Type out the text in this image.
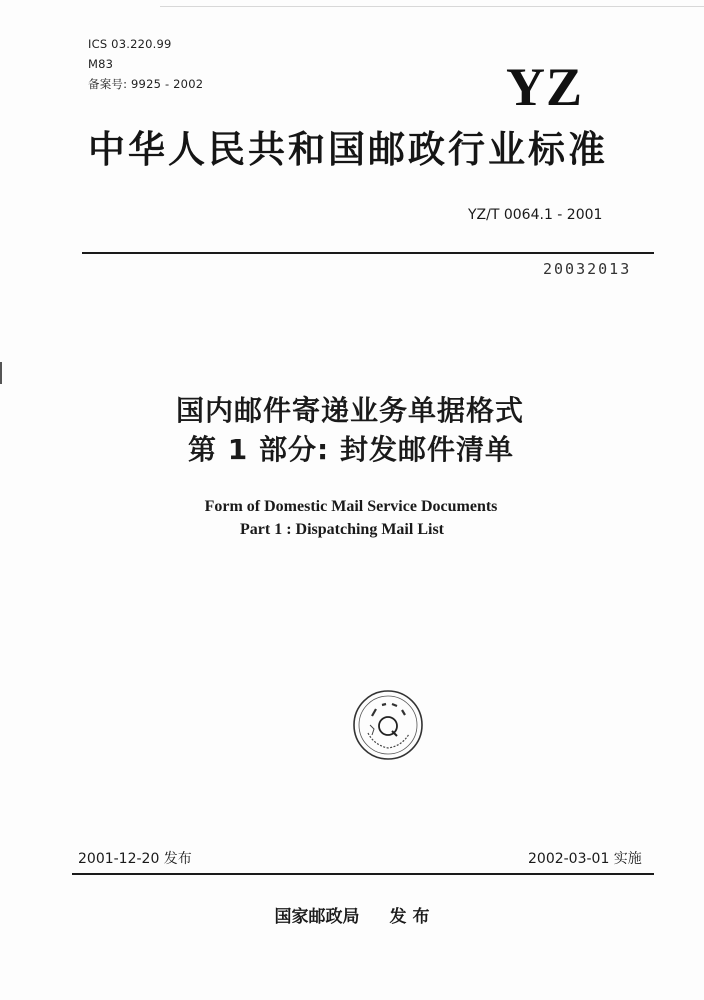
ICS 03.220.99
M83
备案号: 9925 - 2002	YZ
中华人民共和国邮政行业标准
YZ/T 0064.1 - 2001
20032013
国内邮件寄递业务单据格式
第 1 部分: 封发邮件清单
Form of Domestic Mail Service Documents
Part 1 : Dispatching Mail List
2001-12-20 发布	2002-03-01 实施
国家邮政局 发 布
